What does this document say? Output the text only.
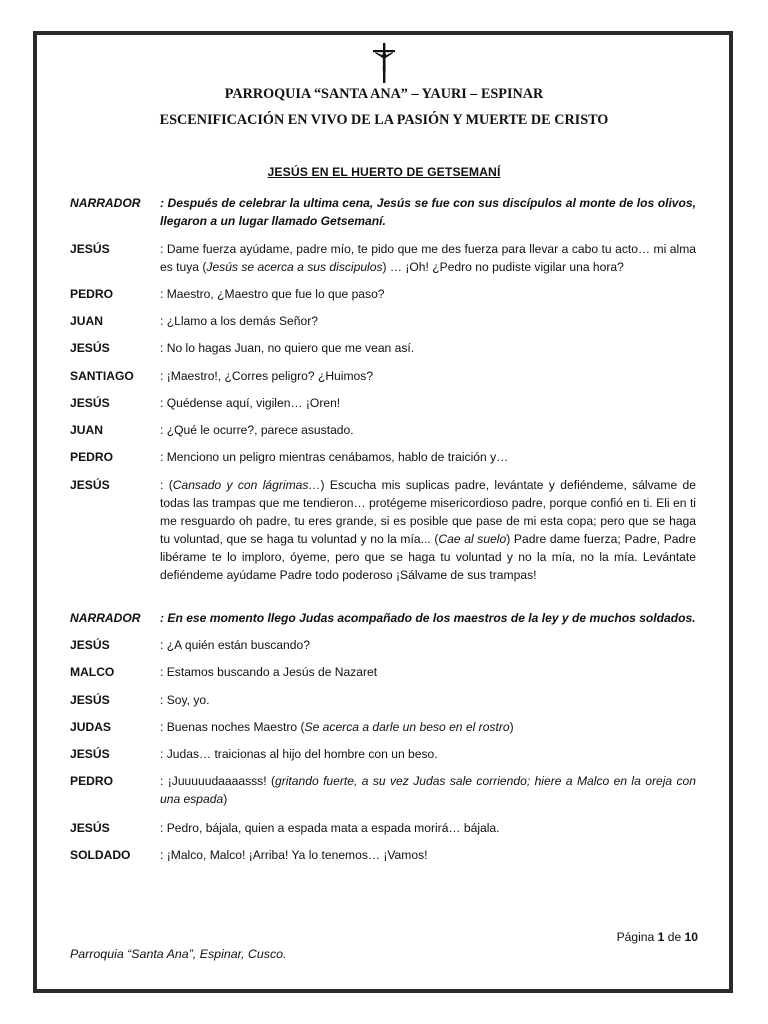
PARROQUIA “SANTA ANA” – YAURI – ESPINAR
ESCENIFICACIÓN EN VIVO DE LA PASIÓN Y MUERTE DE CRISTO
JESÚS EN EL HUERTO DE GETSEMANÍ
NARRADOR	: Después de celebrar la ultima cena, Jesús se fue con sus discípulos al monte de los olivos, llegaron a un lugar llamado Getsemaní.
JESÚS	: Dame fuerza ayúdame, padre mío, te pido que me des fuerza para llevar a cabo tu acto… mi alma es tuya (Jesús se acerca a sus discipulos) … ¡Oh! ¿Pedro no pudiste vigilar una hora?
PEDRO	: Maestro, ¿Maestro que fue lo que paso?
JUAN	: ¿Llamo a los demás Señor?
JESÚS	: No lo hagas Juan, no quiero que me vean así.
SANTIAGO	: ¡Maestro!, ¿Corres peligro? ¿Huimos?
JESÚS	: Quédense aquí, vigilen… ¡Oren!
JUAN	: ¿Qué le ocurre?, parece asustado.
PEDRO	: Menciono un peligro mientras cenábamos, hablo de traición y…
JESÚS	: (Cansado y con lágrimas…) Escucha mis suplicas padre, levántate y defiéndeme, sálvame de todas las trampas que me tendieron… protégeme misericordioso padre, porque confió en ti. Eli en ti me resguardo oh padre, tu eres grande, si es posible que pase de mi esta copa; pero que se haga tu voluntad, que se haga tu voluntad y no la mía... (Cae al suelo) Padre dame fuerza; Padre, Padre libérame te lo imploro, óyeme, pero que se haga tu voluntad y no la mía, no la mía. Levántate defiéndeme ayúdame Padre todo poderoso ¡Sálvame de sus trampas!
NARRADOR	: En ese momento llego Judas acompañado de los maestros de la ley y de muchos soldados.
JESÚS	: ¿A quién están buscando?
MALCO	: Estamos buscando a Jesús de Nazaret
JESÚS	: Soy, yo.
JUDAS	: Buenas noches Maestro (Se acerca a darle un beso en el rostro)
JESÚS	: Judas… traicionas al hijo del hombre con un beso.
PEDRO	: ¡Juuuuudaaaasss! (gritando fuerte, a su vez Judas sale corriendo; hiere a Malco en la oreja con una espada)
JESÚS	: Pedro, bájala, quien a espada mata a espada morirá… bájala.
SOLDADO	: ¡Malco, Malco! ¡Arriba! Ya lo tenemos… ¡Vamos!
Página 1 de 10
Parroquia “Santa Ana”, Espinar, Cusco.
